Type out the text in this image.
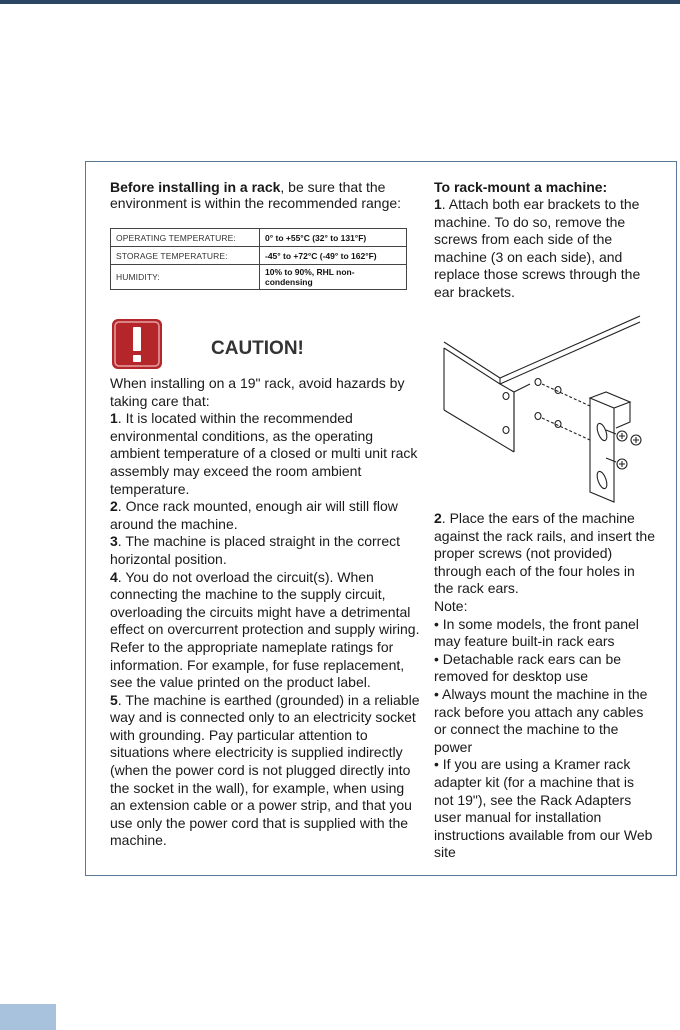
Before installing in a rack, be sure that the environment is within the recommended range:

OPERATING TEMPERATURE:	0° to +55°C (32° to 131°F)
STORAGE TEMPERATURE:	-45° to +72°C (-49° to 162°F)
HUMIDITY:	10% to 90%, RHL non-condensing
CAUTION!

When installing on a 19" rack, avoid hazards by taking care that:

1. It is located within the recommended environmental conditions, as the operating ambient temperature of a closed or multi unit rack assembly may exceed the room ambient temperature.

2. Once rack mounted, enough air will still flow around the machine.

3. The machine is placed straight in the correct horizontal position.

4. You do not overload the circuit(s). When connecting the machine to the supply circuit, overloading the circuits might have a detrimental effect on overcurrent protection and supply wiring. Refer to the appropriate nameplate ratings for information. For example, for fuse replacement, see the value printed on the product label.

5. The machine is earthed (grounded) in a reliable way and is connected only to an electricity socket with grounding. Pay particular attention to situations where electricity is supplied indirectly (when the power cord is not plugged directly into the socket in the wall), for example, when using an extension cable or a power strip, and that you use only the power cord that is supplied with the machine.

To rack-mount a machine:

1. Attach both ear brackets to the machine. To do so, remove the screws from each side of the machine (3 on each side), and replace those screws through the ear brackets.

2. Place the ears of the machine against the rack rails, and insert the proper screws (not provided) through each of the four holes in the rack ears.

Note:

• In some models, the front panel may feature built-in rack ears

• Detachable rack ears can be removed for desktop use

• Always mount the machine in the rack before you attach any cables or connect the machine to the power

• If you are using a Kramer rack adapter kit (for a machine that is not 19"), see the Rack Adapters user manual for installation instructions available from our Web site
